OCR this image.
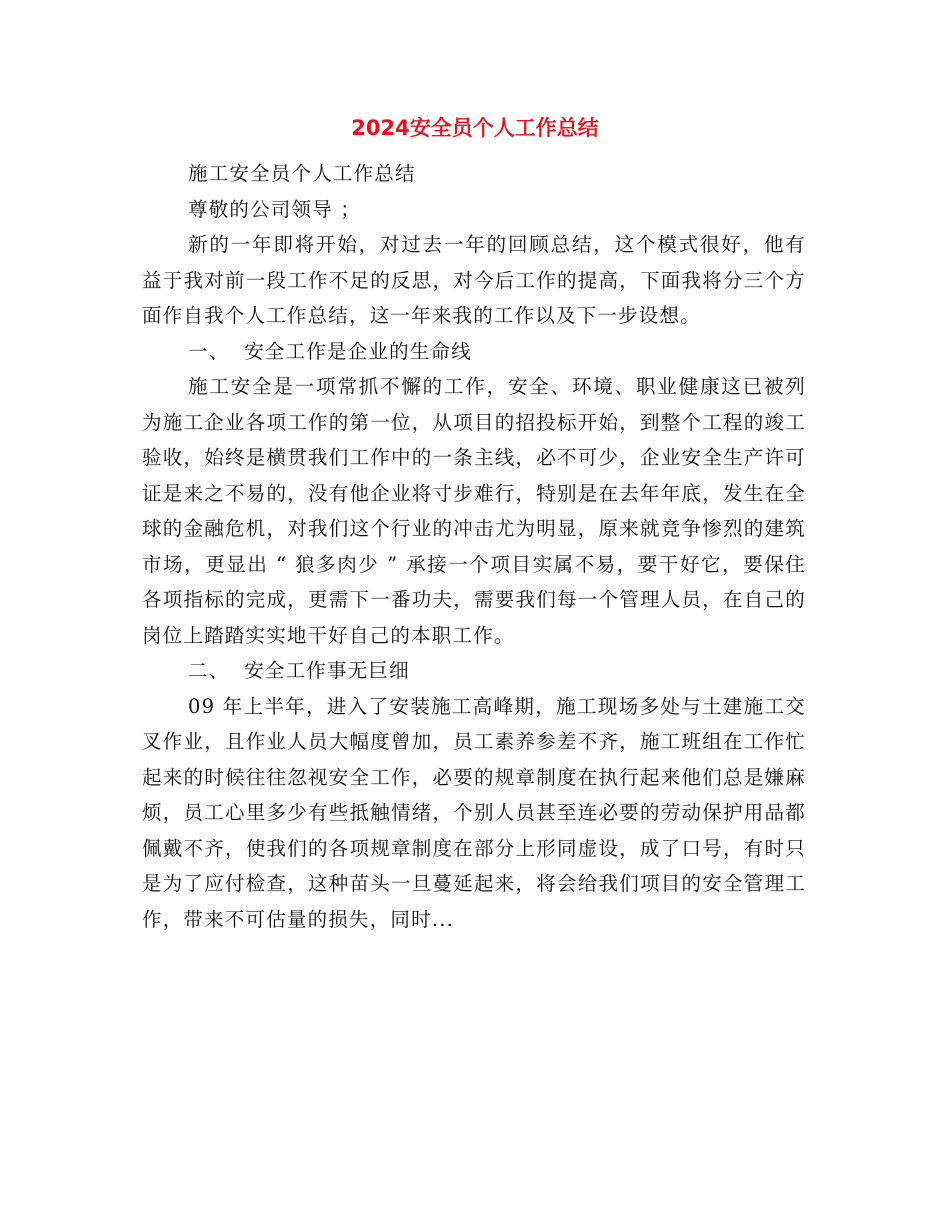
2024安全员个人工作总结

施工安全员个人工作总结

尊敬的公司领导 ；

新的一年即将开始，对过去一年的回顾总结，这个模式很好，他有益于我对前一段工作不足的反思，对今后工作的提高，下面我将分三个方面作自我个人工作总结，这一年来我的工作以及下一步设想。

一、  安全工作是企业的生命线

施工安全是一项常抓不懈的工作，安全、环境、职业健康这已被列为施工企业各项工作的第一位，从项目的招投标开始，到整个工程的竣工验收，始终是横贯我们工作中的一条主线，必不可少，企业安全生产许可证是来之不易的，没有他企业将寸步难行，特别是在去年年底，发生在全球的金融危机，对我们这个行业的冲击尤为明显，原来就竞争惨烈的建筑市场，更显出 “ 狼多肉少 ” 承接一个项目实属不易，要干好它，要保住各项指标的完成，更需下一番功夫，需要我们每一个管理人员，在自己的岗位上踏踏实实地干好自己的本职工作。

二、  安全工作事无巨细

09 年上半年，进入了安装施工高峰期，施工现场多处与土建施工交叉作业，且作业人员大幅度曾加，员工素养参差不齐，施工班组在工作忙起来的时候往往忽视安全工作，必要的规章制度在执行起来他们总是嫌麻烦，员工心里多少有些抵触情绪，个别人员甚至连必要的劳动保护用品都佩戴不齐，使我们的各项规章制度在部分上形同虚设，成了口号，有时只是为了应付检查，这种苗头一旦蔓延起来，将会给我们项目的安全管理工作，带来不可估量的损失，同时...
